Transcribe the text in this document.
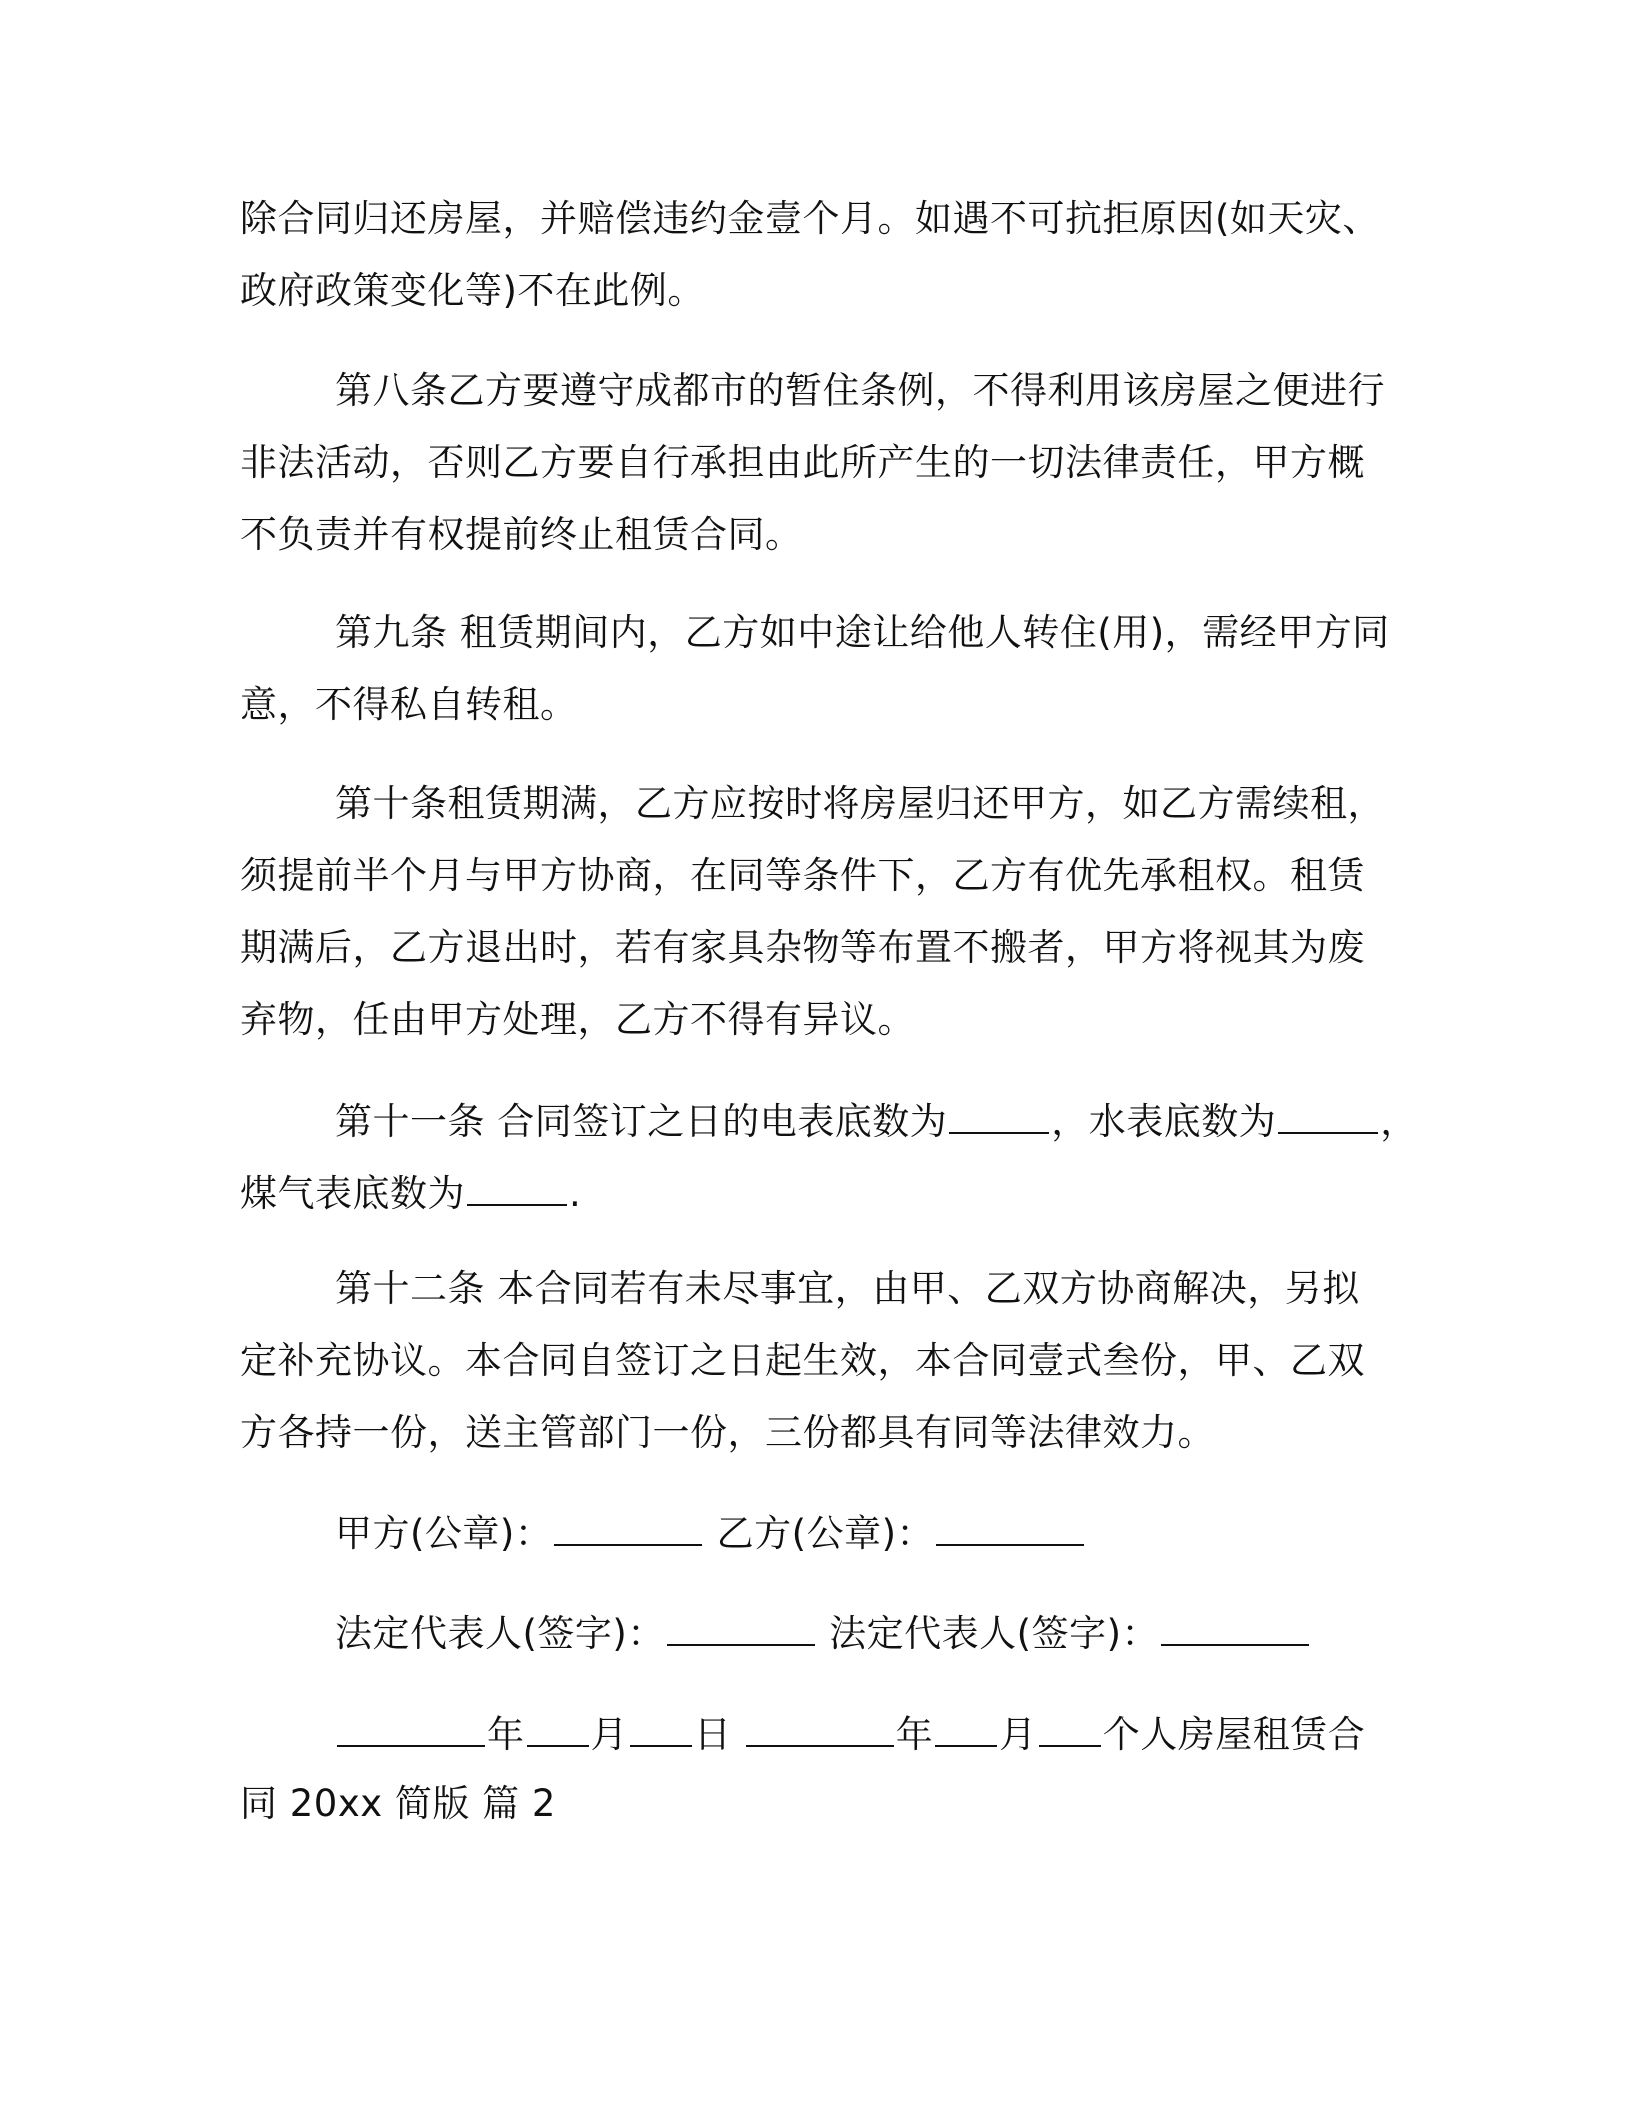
除合同归还房屋，并赔偿违约金壹个月。如遇不可抗拒原因(如天灾、
政府政策变化等)不在此例。
第八条乙方要遵守成都市的暂住条例，不得利用该房屋之便进行
非法活动，否则乙方要自行承担由此所产生的一切法律责任，甲方概
不负责并有权提前终止租赁合同。
第九条 租赁期间内，乙方如中途让给他人转住(用)，需经甲方同
意，不得私自转租。
第十条租赁期满，乙方应按时将房屋归还甲方，如乙方需续租，
须提前半个月与甲方协商，在同等条件下，乙方有优先承租权。租赁
期满后，乙方退出时，若有家具杂物等布置不搬者，甲方将视其为废
弃物，任由甲方处理，乙方不得有异议。
第十一条 合同签订之日的电表底数为	，水表底数为	，
煤气表底数为	.
第十二条 本合同若有未尽事宜，由甲、乙双方协商解决，另拟
定补充协议。本合同自签订之日起生效，本合同壹式叁份，甲、乙双
方各持一份，送主管部门一份，三份都具有同等法律效力。
甲方(公章)：	乙方(公章)：
法定代表人(签字)：	法定代表人(签字)：
年 月 日	年 月 个人房屋租赁合
同 20xx 简版 篇 2
